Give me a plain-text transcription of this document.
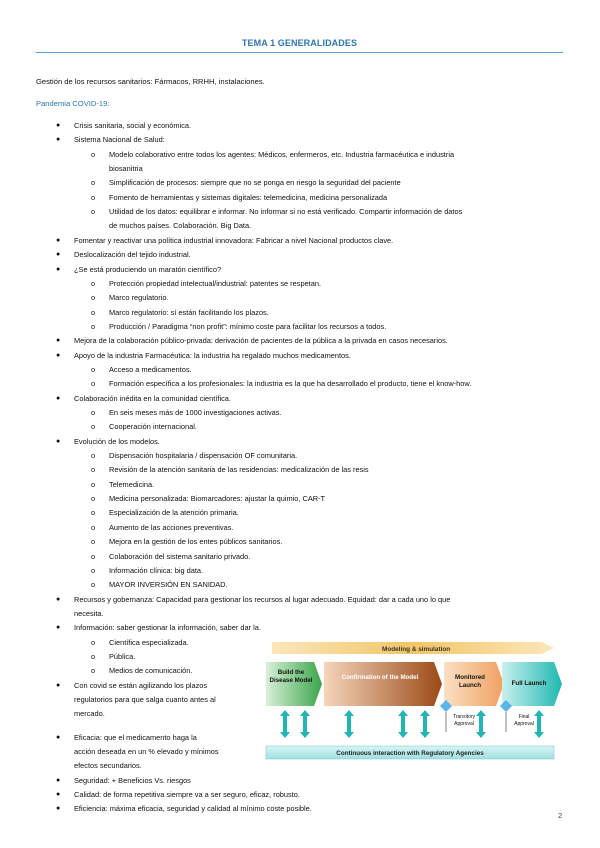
TEMA 1 GENERALIDADES
Gestión de los recursos sanitarios: Fármacos, RRHH, instalaciones.
Pandemia COVID-19:
● Crisis sanitaria, social y económica.
● Sistema Nacional de Salud:
o Modelo colaborativo entre todos los agentes: Médicos, enfermeros, etc. Industria farmacéutica e industria
biosanitria
o Simplificación de procesos: siempre que no se ponga en riesgo la seguridad del paciente
o Fomento de herramientas y sistemas digitales: telemedicina, medicina personalizada
o Utilidad de los datos: equilibrar e informar. No informar si no está verificado. Compartir información de datos
de muchos países. Colaboración. Big Data.
● Fomentar y reactivar una política industrial innovadora: Fabricar a nivel Nacional productos clave.
● Deslocalización del tejido industrial.
● ¿Se está produciendo un maratón científico?
o Protección propiedad intelectual/industrial: patentes se respetan.
o Marco regulatorio.
o Marco regulatorio: sí están facilitando los plazos.
o Producción / Paradigma “non profit”: mínimo coste para facilitar los recursos a todos.
● Mejora de la colaboración público-privada: derivación de pacientes de la pública a la privada en casos necesarios.
● Apoyo de la industria Farmacéutica: la industria ha regalado muchos medicamentos.
o Acceso a medicamentos.
o Formación específica a los profesionales: la industria es la que ha desarrollado el producto, tiene el know-how.
● Colaboración inédita en la comunidad científica.
o En seis meses más de 1000 investigaciones activas.
o Cooperación internacional.
● Evolución de los modelos.
o Dispensación hospitalaria / dispensación OF comunitaria.
o Revisión de la atención sanitaria de las residencias: medicalización de las resis
o Telemedicina.
o Medicina personalizada: Biomarcadores: ajustar la quimio, CAR-T
o Especialización de la atención primaria.
o Aumento de las acciones preventivas.
o Mejora en la gestión de los entes públicos sanitarios.
o Colaboración del sistema sanitario privado.
o Información clínica: big data.
o MAYOR INVERSIÓN EN SANIDAD.
● Recursos y gobernanza: Capacidad para gestionar los recursos al lugar adecuado. Equidad: dar a cada uno lo que
necesita.
● Información: saber gestionar la información, saber dar la.
o Científica especializada.
o Pública.
o Medios de comunicación.
● Con covid se están agilizando los plazos
regulatorios para que salga cuanto antes al
mercado.
● Eficacia: que el medicamento haga la
acción deseada en un % elevado y mínimos
efectos secundarios.
● Seguridad: + Beneficios Vs. riesgos
● Calidad: de forma repetitiva siempre va a ser seguro, eficaz, robusto.
● Eficiencia: máxima eficacia, seguridad y calidad al mínimo coste posible.
Modeling & simulation
Continuous interaction with Regulatory Agencies
Build the Disease Model	Confirmation of the Model	Monitored Launch	Full Launch
Transitory Approval
Final Approval
2
